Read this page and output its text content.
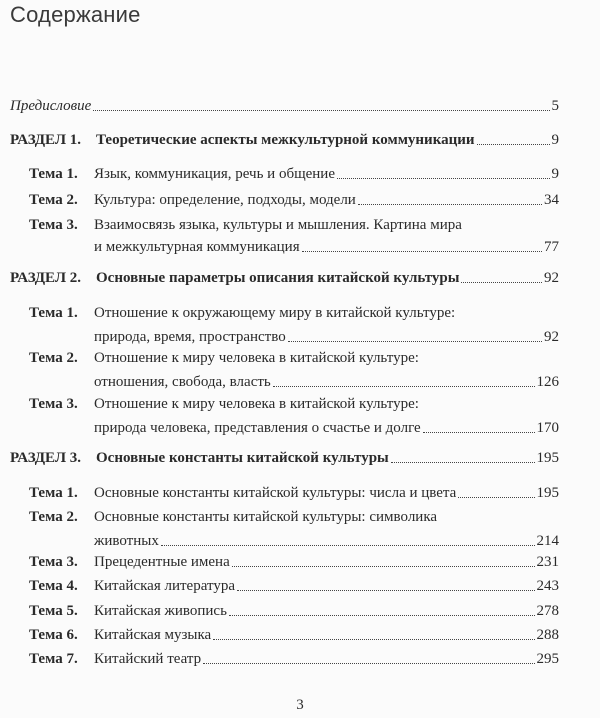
Содержание
Предисловие	5
РАЗДЕЛ 1. Теоретические аспекты межкультурной коммуникации	9
Тема 1. Язык, коммуникация, речь и общение	9
Тема 2. Культура: определение, подходы, модели	34
Тема 3. Взаимосвязь языка, культуры и мышления. Картина мира
и межкультурная коммуникация	77
РАЗДЕЛ 2. Основные параметры описания китайской культуры	92
Тема 1. Отношение к окружающему миру в китайской культуре:
природа, время, пространство	92
Тема 2. Отношение к миру человека в китайской культуре:
отношения, свобода, власть	126
Тема 3. Отношение к миру человека в китайской культуре:
природа человека, представления о счастье и долге	170
РАЗДЕЛ 3. Основные константы китайской культуры	195
Тема 1. Основные константы китайской культуры: числа и цвета	195
Тема 2. Основные константы китайской культуры: символика
животных	214
Тема 3. Прецедентные имена	231
Тема 4. Китайская литература	243
Тема 5. Китайская живопись	278
Тема 6. Китайская музыка	288
Тема 7. Китайский театр	295
3
